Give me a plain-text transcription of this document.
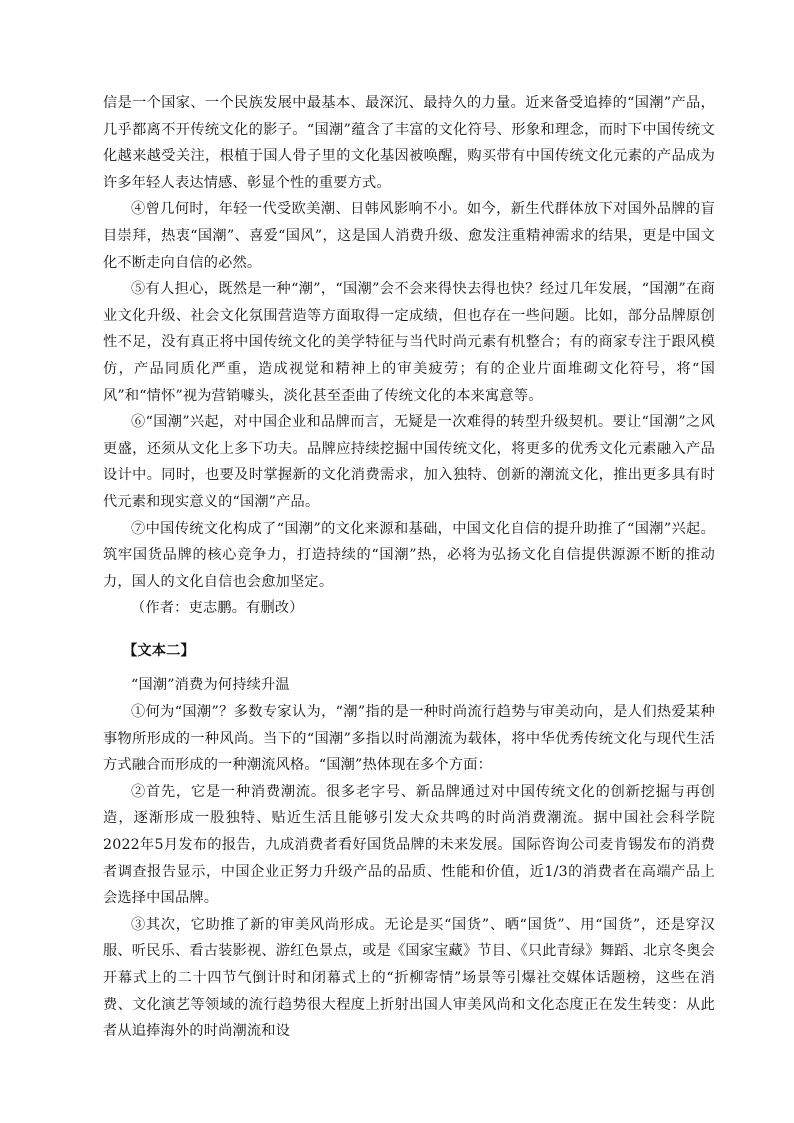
信是一个国家、一个民族发展中最基本、最深沉、最持久的力量。近来备受追捧的“国潮”产品，几乎都离不开传统文化的影子。“国潮”蕴含了丰富的文化符号、形象和理念，而时下中国传统文化越来越受关注，根植于国人骨子里的文化基因被唤醒，购买带有中国传统文化元素的产品成为许多年轻人表达情感、彰显个性的重要方式。

④曾几何时，年轻一代受欧美潮、日韩风影响不小。如今，新生代群体放下对国外品牌的盲目崇拜，热衷“国潮”、喜爱“国风”，这是国人消费升级、愈发注重精神需求的结果，更是中国文化不断走向自信的必然。

⑤有人担心，既然是一种“潮”，“国潮”会不会来得快去得也快？经过几年发展，“国潮”在商业文化升级、社会文化氛围营造等方面取得一定成绩，但也存在一些问题。比如，部分品牌原创性不足，没有真正将中国传统文化的美学特征与当代时尚元素有机整合；有的商家专注于跟风模仿，产品同质化严重，造成视觉和精神上的审美疲劳；有的企业片面堆砌文化符号，将“国风”和“情怀”视为营销噱头，淡化甚至歪曲了传统文化的本来寓意等。

⑥“国潮”兴起，对中国企业和品牌而言，无疑是一次难得的转型升级契机。要让“国潮”之风更盛，还须从文化上多下功夫。品牌应持续挖掘中国传统文化，将更多的优秀文化元素融入产品设计中。同时，也要及时掌握新的文化消费需求，加入独特、创新的潮流文化，推出更多具有时代元素和现实意义的“国潮”产品。

⑦中国传统文化构成了“国潮”的文化来源和基础，中国文化自信的提升助推了“国潮”兴起。筑牢国货品牌的核心竞争力，打造持续的“国潮”热，必将为弘扬文化自信提供源源不断的推动力，国人的文化自信也会愈加坚定。

（作者：吏志鹏。有删改）

【文本二】

“国潮”消费为何持续升温

①何为“国潮”？多数专家认为，“潮”指的是一种时尚流行趋势与审美动向，是人们热爱某种事物所形成的一种风尚。当下的“国潮”多指以时尚潮流为载体，将中华优秀传统文化与现代生活方式融合而形成的一种潮流风格。“国潮”热体现在多个方面：

②首先，它是一种消费潮流。很多老字号、新品牌通过对中国传统文化的创新挖掘与再创造，逐渐形成一股独特、贴近生活且能够引发大众共鸣的时尚消费潮流。据中国社会科学院2022年5月发布的报告，九成消费者看好国货品牌的未来发展。国际咨询公司麦肯锡发布的消费者调查报告显示，中国企业正努力升级产品的品质、性能和价值，近1/3的消费者在高端产品上会选择中国品牌。

③其次，它助推了新的审美风尚形成。无论是买“国货”、晒“国货”、用“国货”，还是穿汉服、听民乐、看古装影视、游红色景点，或是《国家宝藏》节目、《只此青绿》舞蹈、北京冬奥会开幕式上的二十四节气倒计时和闭幕式上的“折柳寄情”场景等引爆社交媒体话题榜，这些在消费、文化演艺等领域的流行趋势很大程度上折射出国人审美风尚和文化态度正在发生转变：从此者从追捧海外的时尚潮流和设
